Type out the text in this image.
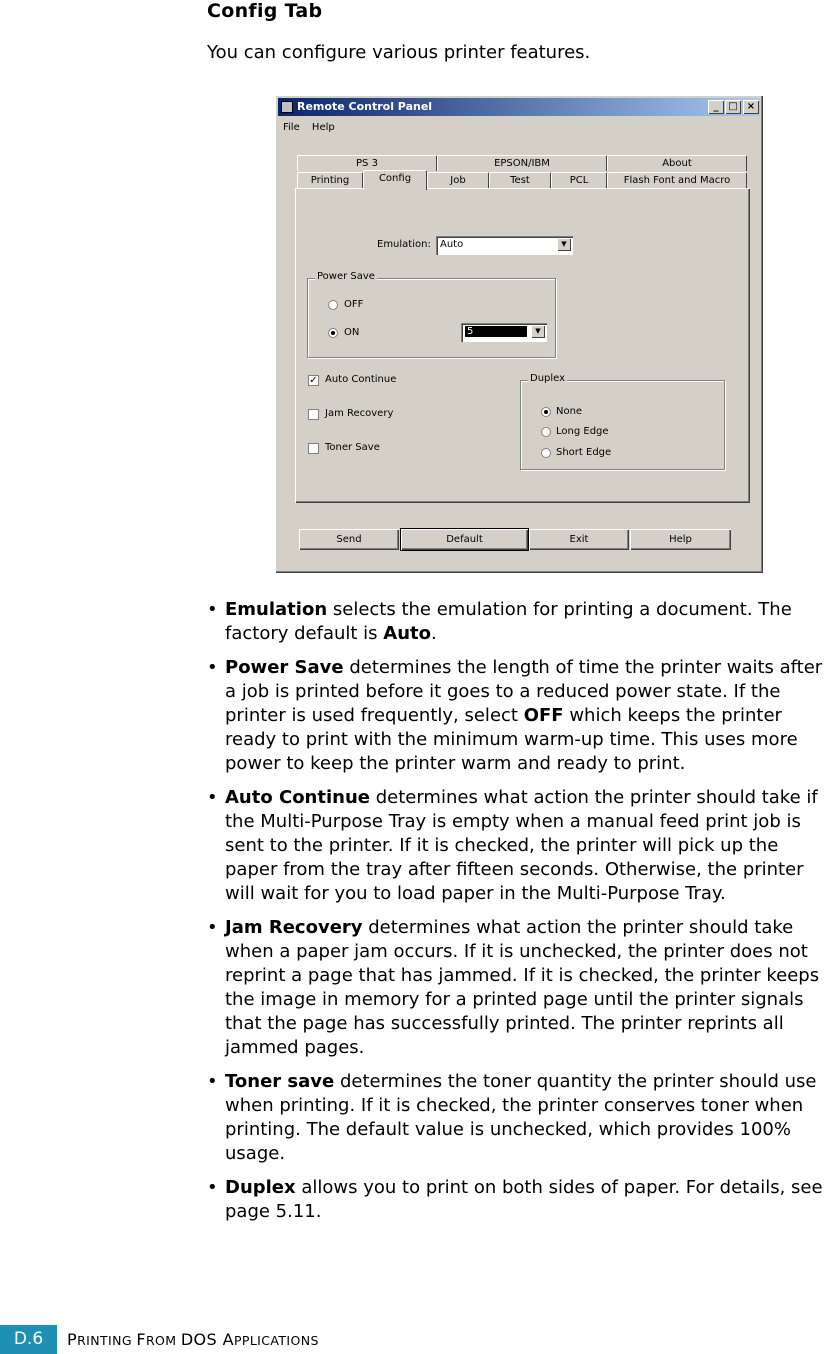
Config Tab
You can configure various printer features.
Remote Control Panel	_ □ ×
File Help
PS 3	EPSON/IBM	About
Printing	Config	Job	Test	PCL	Flash Font and Macro
Emulation: Auto	▼
Power Save
OFF
ON	5	▼
✓ Auto Continue
Jam Recovery
Toner Save
Duplex
None
Long Edge
Short Edge
Send	Default	Exit	Help
• Emulation selects the emulation for printing a document. The factory default is Auto.
• Power Save determines the length of time the printer waits after a job is printed before it goes to a reduced power state. If the printer is used frequently, select OFF which keeps the printer ready to print with the minimum warm-up time. This uses more power to keep the printer warm and ready to print.
• Auto Continue determines what action the printer should take if the Multi-Purpose Tray is empty when a manual feed print job is sent to the printer. If it is checked, the printer will pick up the paper from the tray after fifteen seconds. Otherwise, the printer will wait for you to load paper in the Multi-Purpose Tray.
• Jam Recovery determines what action the printer should take when a paper jam occurs. If it is unchecked, the printer does not reprint a page that has jammed. If it is checked, the printer keeps the image in memory for a printed page until the printer signals that the page has successfully printed. The printer reprints all jammed pages.
• Toner save determines the toner quantity the printer should use when printing. If it is checked, the printer conserves toner when printing. The default value is unchecked, which provides 100% usage.
• Duplex allows you to print on both sides of paper. For details, see page 5.11.
D.6	PRINTING FROM DOS APPLICATIONS
